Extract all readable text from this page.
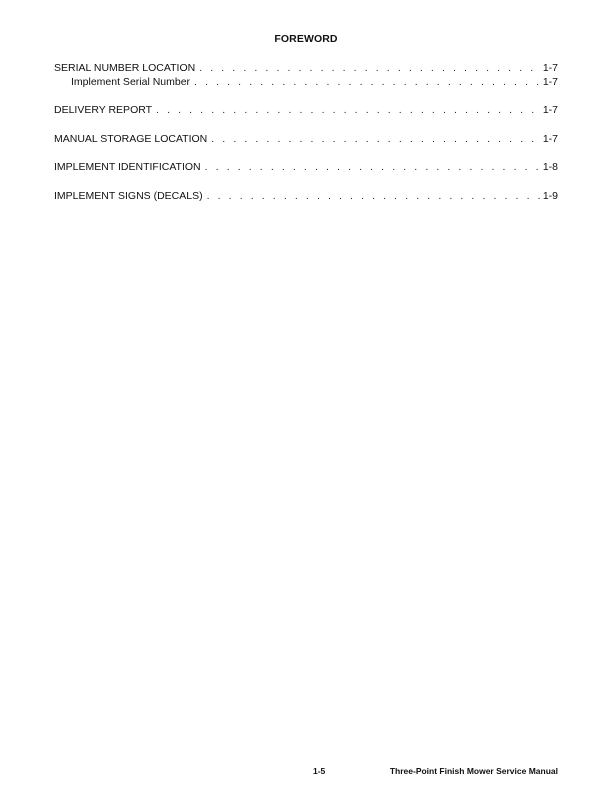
FOREWORD
SERIAL NUMBER LOCATION . . .	1-7
Implement Serial Number . . .	1-7
DELIVERY REPORT . . .	1-7
MANUAL STORAGE LOCATION . . .	1-7
IMPLEMENT IDENTIFICATION . . .	1-8
IMPLEMENT SIGNS (DECALS) . . .	1-9
1-5	Three-Point Finish Mower Service Manual
